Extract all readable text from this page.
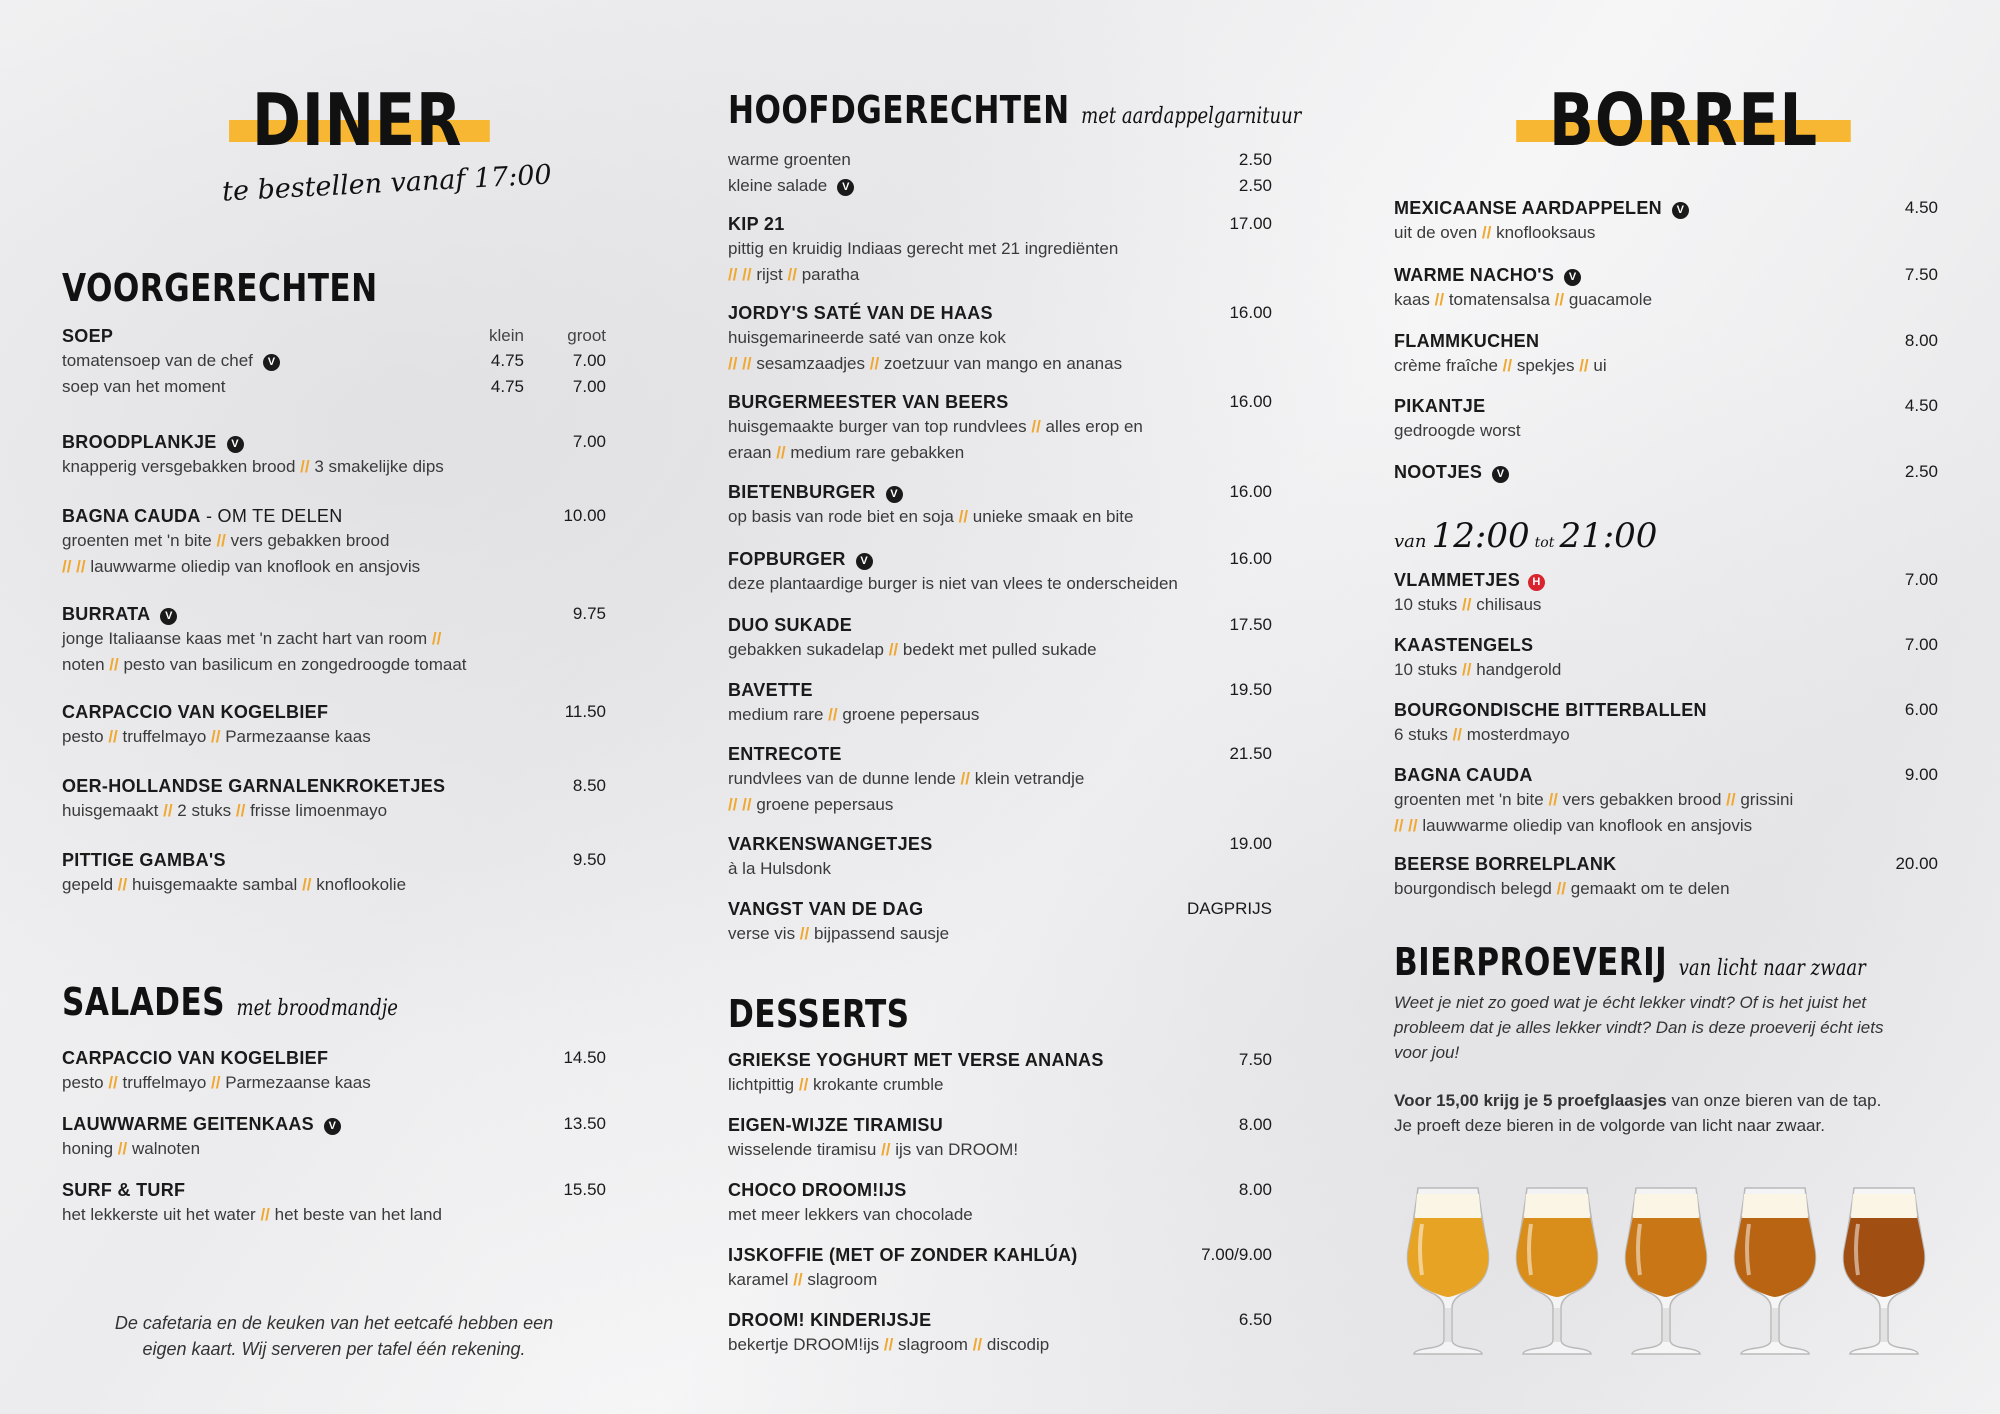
DINER
te bestellen vanaf 17:00
VOORGERECHTEN
SOEP	klein	groot
tomatensoep van de chef V	4.75	7.00
soep van het moment	4.75	7.00
BROODPLANKJE V	7.00
knapperig versgebakken brood // 3 smakelijke dips
BAGNA CAUDA - OM TE DELEN	10.00
groenten met 'n bite // vers gebakken brood
// // lauwwarme oliedip van knoflook en ansjovis
BURRATA V	9.75
jonge Italiaanse kaas met 'n zacht hart van room //
noten // pesto van basilicum en zongedroogde tomaat
CARPACCIO VAN KOGELBIEF	11.50
pesto // truffelmayo // Parmezaanse kaas
OER-HOLLANDSE GARNALENKROKETJES	8.50
huisgemaakt // 2 stuks // frisse limoenmayo
PITTIGE GAMBA'S	9.50
gepeld // huisgemaakte sambal // knoflookolie
SALADES met broodmandje
CARPACCIO VAN KOGELBIEF	14.50
pesto // truffelmayo // Parmezaanse kaas
LAUWWARME GEITENKAAS V	13.50
honing // walnoten
SURF & TURF	15.50
het lekkerste uit het water // het beste van het land
De cafetaria en de keuken van het eetcafé hebben een
eigen kaart. Wij serveren per tafel één rekening.
HOOFDGERECHTEN met aardappelgarnituur
warme groenten	2.50
kleine salade V	2.50
KIP 21	17.00
pittig en kruidig Indiaas gerecht met 21 ingrediënten
// // rijst // paratha
JORDY'S SATÉ VAN DE HAAS	16.00
huisgemarineerde saté van onze kok
// // sesamzaadjes // zoetzuur van mango en ananas
BURGERMEESTER VAN BEERS	16.00
huisgemaakte burger van top rundvlees // alles erop en
eraan // medium rare gebakken
BIETENBURGER V	16.00
op basis van rode biet en soja // unieke smaak en bite
FOPBURGER V	16.00
deze plantaardige burger is niet van vlees te onderscheiden
DUO SUKADE	17.50
gebakken sukadelap // bedekt met pulled sukade
BAVETTE	19.50
medium rare // groene pepersaus
ENTRECOTE	21.50
rundvlees van de dunne lende // klein vetrandje
// // groene pepersaus
VARKENSWANGETJES	19.00
à la Hulsdonk
VANGST VAN DE DAG	DAGPRIJS
verse vis // bijpassend sausje
DESSERTS
GRIEKSE YOGHURT MET VERSE ANANAS	7.50
lichtpittig // krokante crumble
EIGEN-WIJZE TIRAMISU	8.00
wisselende tiramisu // ijs van DROOM!
CHOCO DROOM!IJS	8.00
met meer lekkers van chocolade
IJSKOFFIE (MET OF ZONDER KAHLÚA)	7.00/9.00
karamel // slagroom
DROOM! KINDERIJSJE	6.50
bekertje DROOM!ijs // slagroom // discodip
BORREL
MEXICAANSE AARDAPPELEN V	4.50
uit de oven // knoflooksaus
WARME NACHO'S V	7.50
kaas // tomatensalsa // guacamole
FLAMMKUCHEN	8.00
crème fraîche // spekjes // ui
PIKANTJE	4.50
gedroogde worst
NOOTJES V	2.50
van 12:00 tot 21:00
VLAMMETJES H	7.00
10 stuks // chilisaus
KAASTENGELS	7.00
10 stuks // handgerold
BOURGONDISCHE BITTERBALLEN	6.00
6 stuks // mosterdmayo
BAGNA CAUDA	9.00
groenten met 'n bite // vers gebakken brood // grissini
// // lauwwarme oliedip van knoflook en ansjovis
BEERSE BORRELPLANK	20.00
bourgondisch belegd // gemaakt om te delen
BIERPROEVERIJ van licht naar zwaar
Weet je niet zo goed wat je écht lekker vindt? Of is het juist het
probleem dat je alles lekker vindt? Dan is deze proeverij écht iets
voor jou!
Voor 15,00 krijg je 5 proefglaasjes van onze bieren van de tap.
Je proeft deze bieren in de volgorde van licht naar zwaar.
